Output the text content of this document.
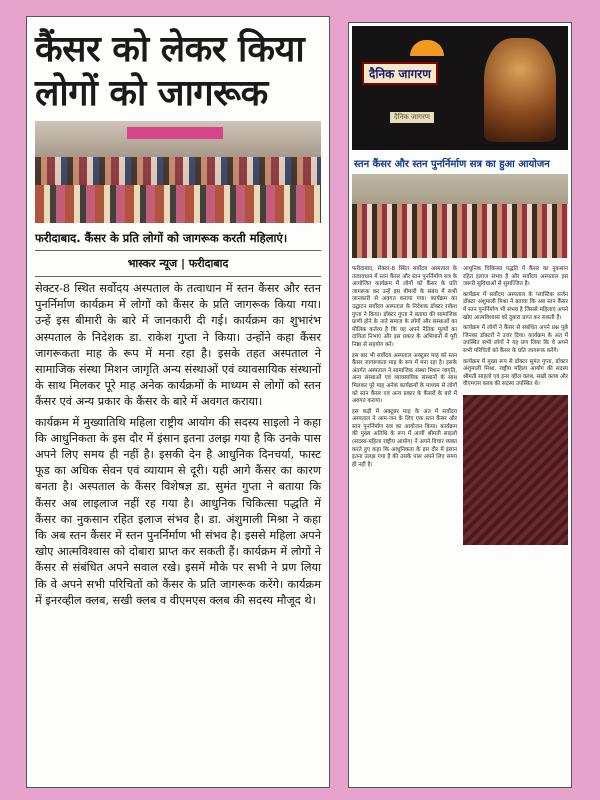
कैंसर को लेकर किया
लोगों को जागरूक
फरीदाबाद. कैंसर के प्रति लोगों को जागरूक करती महिलाएं।
भास्कर न्यूज | फरीदाबाद

सेक्टर-8 स्थित सर्वोदय अस्पताल के तत्वाधान में स्तन कैंसर और स्तन पुनर्निर्माण कार्यक्रम में लोगों को कैंसर के प्रति जागरूक किया गया। उन्हें इस बीमारी के बारे में जानकारी दी गई। कार्यक्रम का शुभारंभ अस्पताल के निदेशक डा. राकेश गुप्ता ने किया। उन्होंने कहा कैंसर जागरूकता माह के रूप में मना रहा है। इसके तहत अस्पताल ने सामाजिक संस्था मिशन जागृति अन्य संस्थाओं एवं व्यावसायिक संस्थानों के साथ मिलकर पूरे माह अनेक कार्यक्रमों के माध्यम से लोगों को स्तन कैंसर एवं अन्य प्रकार के कैंसर के बारे में अवगत कराया।

कार्यक्रम में मुख्यातिथि महिला राष्ट्रीय आयोग की सदस्य साइलो ने कहा कि आधुनिकता के इस दौर में इंसान इतना उलझ गया है कि उनके पास अपने लिए समय ही नहीं है। इसकी देन है आधुनिक दिनचर्या, फास्ट फूड का अधिक सेवन एवं व्यायाम से दूरी। यही आगे कैंसर का कारण बनता है। अस्पताल के कैंसर विशेषज्ञ डा. सुमंत गुप्ता ने बताया कि कैंसर अब लाइलाज नहीं रह गया है। आधुनिक चिकित्सा पद्धति में कैंसर का नुकसान रहित इलाज संभव है। डा. अंशुमाली मिश्रा ने कहा कि अब स्तन कैंसर में स्तन पुनर्निर्माण भी संभव है। इससे महिला अपने खोए आत्मविश्वास को दोबारा प्राप्त कर सकती हैं। कार्यक्रम में लोगों ने कैंसर से संबंधित अपने सवाल रखे। इसमें मौके पर सभी ने प्रण लिया कि वे अपने सभी परिचितों को कैंसर के प्रति जागरूक करेंगे। कार्यक्रम में इनरव्हील क्लब, सखी क्लब व वीएमएस क्लब की सदस्य मौजूद थे।

दैनिक जागरण
दैनिक जागरण
स्तन कैंसर और स्तन पुनर्निर्माण सत्र का हुआ आयोजन

फरीदाबाद, सेक्टर-8 स्थित सर्वोदय अस्पताल के तत्वावधान में स्तन कैंसर और स्तन पुनर्निर्माण सत्र के आयोजित कार्यक्रम में लोगों को कैंसर के प्रति जागरूक कर उन्हें इस बीमारी के संबंध में सभी जानकारी से अवगत कराया गया। कार्यक्रम का उद्घाटन सर्वोदय अस्पताल के निदेशक डॉक्टर राकेश गुप्ता ने किया। डॉक्टर गुप्ता ने बताया की सामाजिक प्राणी होने के नाते समाज के लोगों और संस्थाओं का मौलिक कर्तव्य है कि वह अपने नैतिक मूल्यों का दायित्व निभाएं और इस प्रकार के अभियानों में पूरी निष्ठा से सहयोग करें।

इस बार भी सर्वोदय अस्पताल अक्टूबर माह को स्तन कैंसर जागरूकता माह के रूप में मना रहा है। इसके अंतर्गत अस्पताल ने सामाजिक संस्था मिशन जागृति, अन्य संस्थाओं एवं व्यावसायिक संस्थानों के साथ मिलकर पूरे माह अनेक कार्यक्रमों के माध्यम से लोगों को स्तन कैंसर एवं अन्य प्रकार के कैंसरों के बारे में अवगत कराया।

इस कड़ी में अक्टूबर माह के अंत में सर्वोदय अस्पताल ने आम-जन के लिए एक स्तन कैंसर और स्तन पुनर्निर्माण सत्र का आयोजन किया। कार्यक्रम की मुख्य अतिथि के रूप में आयीं श्रीमती साइलो (सदस्य-महिला राष्ट्रीय आयोग) ने अपने विचार व्यक्त करते हुए कहा कि आधुनिकता के इस दौर में इंसान इतना उलझ गया है की उसके पास अपने लिए समय ही नहीं है।

आधुनिक चिकित्सा पद्धति में कैंसर का नुकसान रहित इलाज संभव है और सर्वोदय अस्पताल इस जरूरी सुविधाओं से सुसज्जित है।

कार्यक्रम में सर्वोदय अस्पताल के प्लास्टिक सर्जन डॉक्टर अंशुमाली मिश्रा ने बताया कि अब स्तन कैंसर में स्तन पुनर्निर्माण भी संभव है जिससे महिलाएं अपने खोए आत्मविश्वास को दुबारा प्राप्त कर सकती हैं।

कार्यक्रम में लोगों ने कैंसर से संबंधित अपने प्रश्न पूछे जिनका डॉक्टरों ने उत्तर दिया। कार्यक्रम के अंत में उपस्थित सभी लोगों ने यह प्रण लिया कि वे अपने सभी परिचितों को कैंसर के प्रति जागरूक करेंगे।

कार्यक्रम में मुख्य रूप से डॉक्टर सुमंत गुप्ता, डॉक्टर अंशुमाली मिश्रा, राष्ट्रीय महिला आयोग की सदस्य श्रीमती साइलो एवं इनर व्हील क्लब, सखी क्लब और वीएमएस क्लब की सदस्य उपस्थित थे।
